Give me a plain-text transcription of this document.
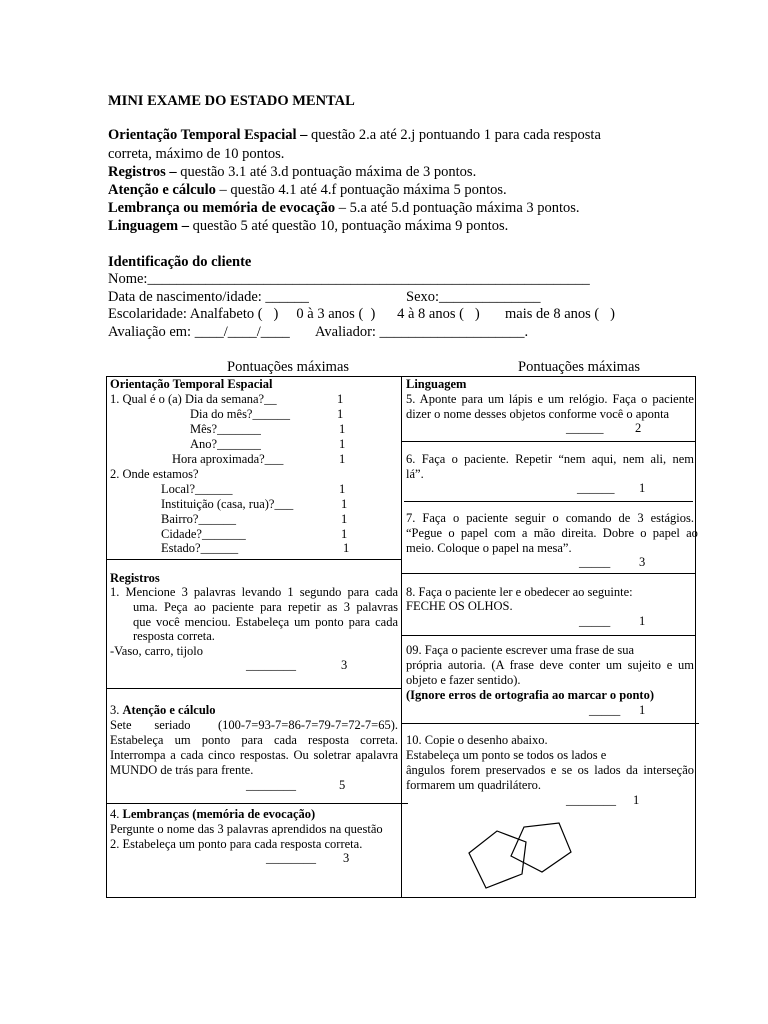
MINI EXAME DO ESTADO MENTAL
Orientação Temporal Espacial – questão 2.a até 2.j pontuando 1 para cada resposta
correta, máximo de 10 pontos.
Registros – questão 3.1 até 3.d pontuação máxima de 3 pontos.
Atenção e cálculo – questão 4.1 até 4.f pontuação máxima 5 pontos.
Lembrança ou memória de evocação – 5.a até 5.d pontuação máxima 3 pontos.
Linguagem – questão 5 até questão 10, pontuação máxima 9 pontos.
Identificação do cliente
Nome:_____________________________________________________________
Data de nascimento/idade: ______	Sexo:______________
Escolaridade: Analfabeto (   )     0 à 3 anos (  )      4 à 8 anos (   )       mais de 8 anos (   )
Avaliação em: ____/____/____ Avaliador: ____________________.
Pontuações máximas	Pontuações máximas
Orientação Temporal Espacial
1. Qual é o (a) Dia da semana?__	1
Dia do mês?______	1
Mês?_______	1
Ano?_______	1
Hora aproximada?___	1
2. Onde estamos?
Local?______	1
Instituição (casa, rua)?___	1
Bairro?______	1
Cidade?_______	1
Estado?______	1
Registros
1. Mencione 3 palavras levando 1 segundo para cada
uma. Peça ao paciente para repetir as 3 palavras
que você menciou. Estabeleça um ponto para cada
resposta correta.
-Vaso, carro, tijolo
________	3
3. Atenção e cálculo
Sete     seriado      (100-7=93-7=86-7=79-7=72-7=65).
Estabeleça um ponto para cada resposta correta.
Interrompa a cada cinco respostas. Ou soletrar apalavra
MUNDO de trás para frente.
________	5
4. Lembranças (memória de evocação)
Pergunte o nome das 3 palavras aprendidos na questão
2. Estabeleça um ponto para cada resposta correta.
________ 3
Linguagem
5. Aponte para um lápis e um relógio. Faça o paciente
dizer o nome desses objetos conforme você o aponta
______	2
6.  Faça  o  paciente.  Repetir  “nem  aqui,  nem  ali,  nem
lá”.
______ 1
7.  Faça  o  paciente  seguir  o  comando  de  3  estágios.
“Pegue  o  papel  com  a  mão  direita.  Dobre  o  papel  ao
meio. Coloque o papel na mesa”.
_____ 3
8. Faça o paciente ler e obedecer ao seguinte:
FECHE OS OLHOS.
_____ 1
09. Faça o paciente escrever uma frase de sua
própria autoria. (A frase deve conter um sujeito e um
objeto e fazer sentido).
(Ignore erros de ortografia ao marcar o ponto)
_____ 1
10. Copie o desenho abaixo.
Estabeleça um ponto se todos os lados e
ângulos forem preservados e se os lados da interseção
formarem um quadrilátero.
________ 1
